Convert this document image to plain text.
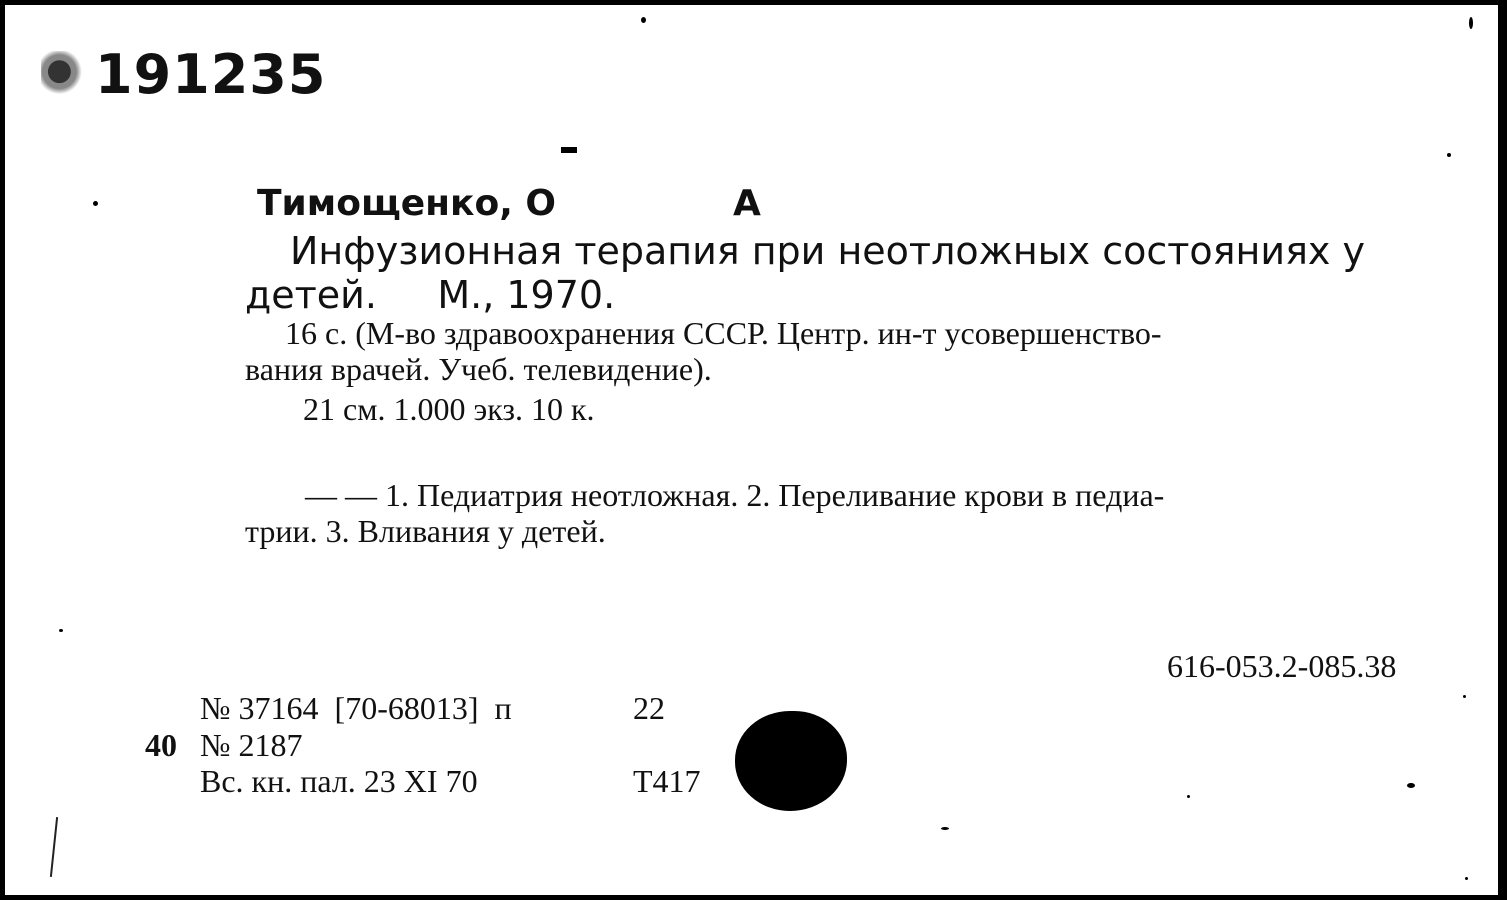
191235
Тимощенко, О	А
Инфузионная терапия при неотложных состояниях у
детей.     М., 1970.
16 с. (М-во здравоохранения СССР. Центр. ин-т усовершенство-
вания врачей. Учеб. телевидение).
21 см. 1.000 экз. 10 к.
— — 1. Педиатрия неотложная. 2. Переливание крови в педиа-
трии. 3. Вливания у детей.
616-053.2-085.38
№ 37164  [70-68013]  п	22
40 № 2187
Вс. кн. пал. 23 XI 70	Т417
